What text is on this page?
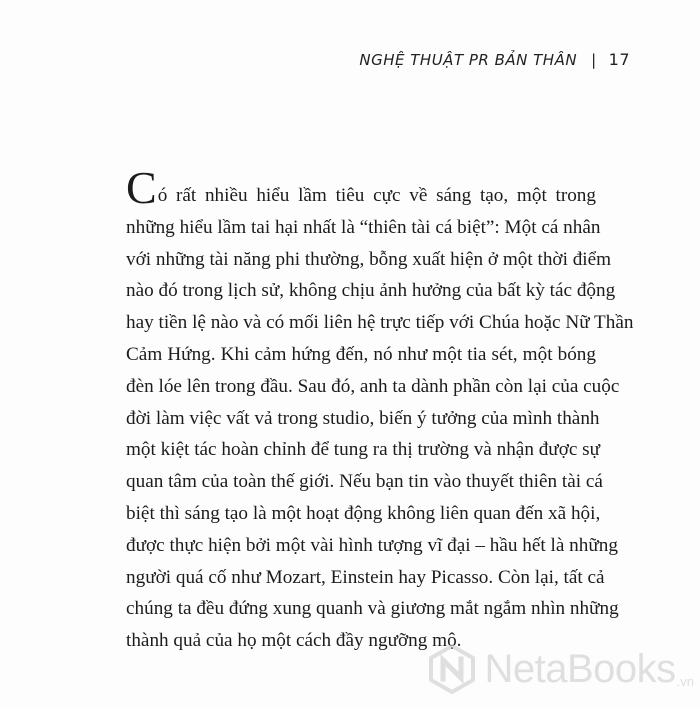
NGHỆ THUẬT PR BẢN THÂN | 17
Có rất nhiều hiểu lầm tiêu cực về sáng tạo, một trong
những hiểu lầm tai hại nhất là “thiên tài cá biệt”: Một cá nhân
với những tài năng phi thường, bỗng xuất hiện ở một thời điểm
nào đó trong lịch sử, không chịu ảnh hưởng của bất kỳ tác động
hay tiền lệ nào và có mối liên hệ trực tiếp với Chúa hoặc Nữ Thần
Cảm Hứng. Khi cảm hứng đến, nó như một tia sét, một bóng
đèn lóe lên trong đầu. Sau đó, anh ta dành phần còn lại của cuộc
đời làm việc vất vả trong studio, biến ý tưởng của mình thành
một kiệt tác hoàn chỉnh để tung ra thị trường và nhận được sự
quan tâm của toàn thế giới. Nếu bạn tin vào thuyết thiên tài cá
biệt thì sáng tạo là một hoạt động không liên quan đến xã hội,
được thực hiện bởi một vài hình tượng vĩ đại – hầu hết là những
người quá cố như Mozart, Einstein hay Picasso. Còn lại, tất cả
chúng ta đều đứng xung quanh và giương mắt ngắm nhìn những
thành quả của họ một cách đầy ngưỡng mộ.
NetaBooks .vn
